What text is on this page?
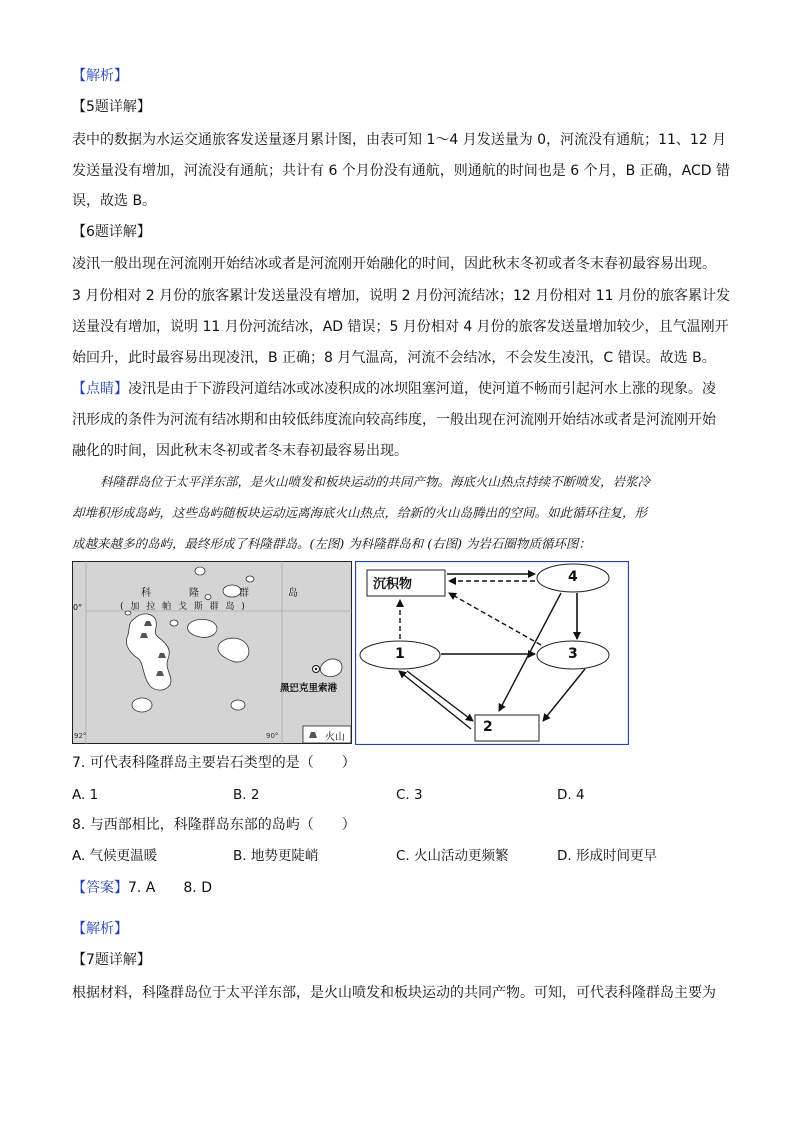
【解析】
【5题详解】
表中的数据为水运交通旅客发送量逐月累计图，由表可知 1～4 月发送量为 0，河流没有通航；11、12 月
发送量没有增加，河流没有通航；共计有 6 个月份没有通航，则通航的时间也是 6 个月，B 正确，ACD 错
误，故选 B。
【6题详解】
凌汛一般出现在河流刚开始结冰或者是河流刚开始融化的时间，因此秋末冬初或者冬末春初最容易出现。
3 月份相对 2 月份的旅客累计发送量没有增加，说明 2 月份河流结冰；12 月份相对 11 月份的旅客累计发
送量没有增加，说明 11 月份河流结冰，AD 错误；5 月份相对 4 月份的旅客发送量增加较少，且气温刚开
始回升，此时最容易出现凌汛，B 正确；8 月气温高，河流不会结冰，不会发生凌汛，C 错误。故选 B。
【点睛】凌汛是由于下游段河道结冰或冰凌积成的冰坝阻塞河道，使河道不畅而引起河水上涨的现象。凌
汛形成的条件为河流有结冰期和由较低纬度流向较高纬度，一般出现在河流刚开始结冰或者是河流刚开始
融化的时间，因此秋末冬初或者冬末春初最容易出现。
科隆群岛位于太平洋东部，是火山喷发和板块运动的共同产物。海底火山热点持续不断喷发，岩浆冷
却堆积形成岛屿，这些岛屿随板块运动远离海底火山热点，给新的火山岛腾出的空间。如此循环往复，形
成越来越多的岛屿，最终形成了科隆群岛。(左图) 为科隆群岛和 (右图) 为岩石圈物质循环图：
科	隆	群	岛
( 加 拉 帕 戈 斯 群 岛 )
0°
92°	90°
黑巴克里索港
火山
沉积物	4
1	3
2
7. 可代表科隆群岛主要岩石类型的是（　　）
A. 1	B. 2	C. 3	D. 4
8. 与西部相比，科隆群岛东部的岛屿（　　）
A. 气候更温暖	B. 地势更陡峭	C. 火山活动更频繁	D. 形成时间更早
【答案】7. A　　8. D
【解析】
【7题详解】
根据材料，科隆群岛位于太平洋东部，是火山喷发和板块运动的共同产物。可知，可代表科隆群岛主要为
